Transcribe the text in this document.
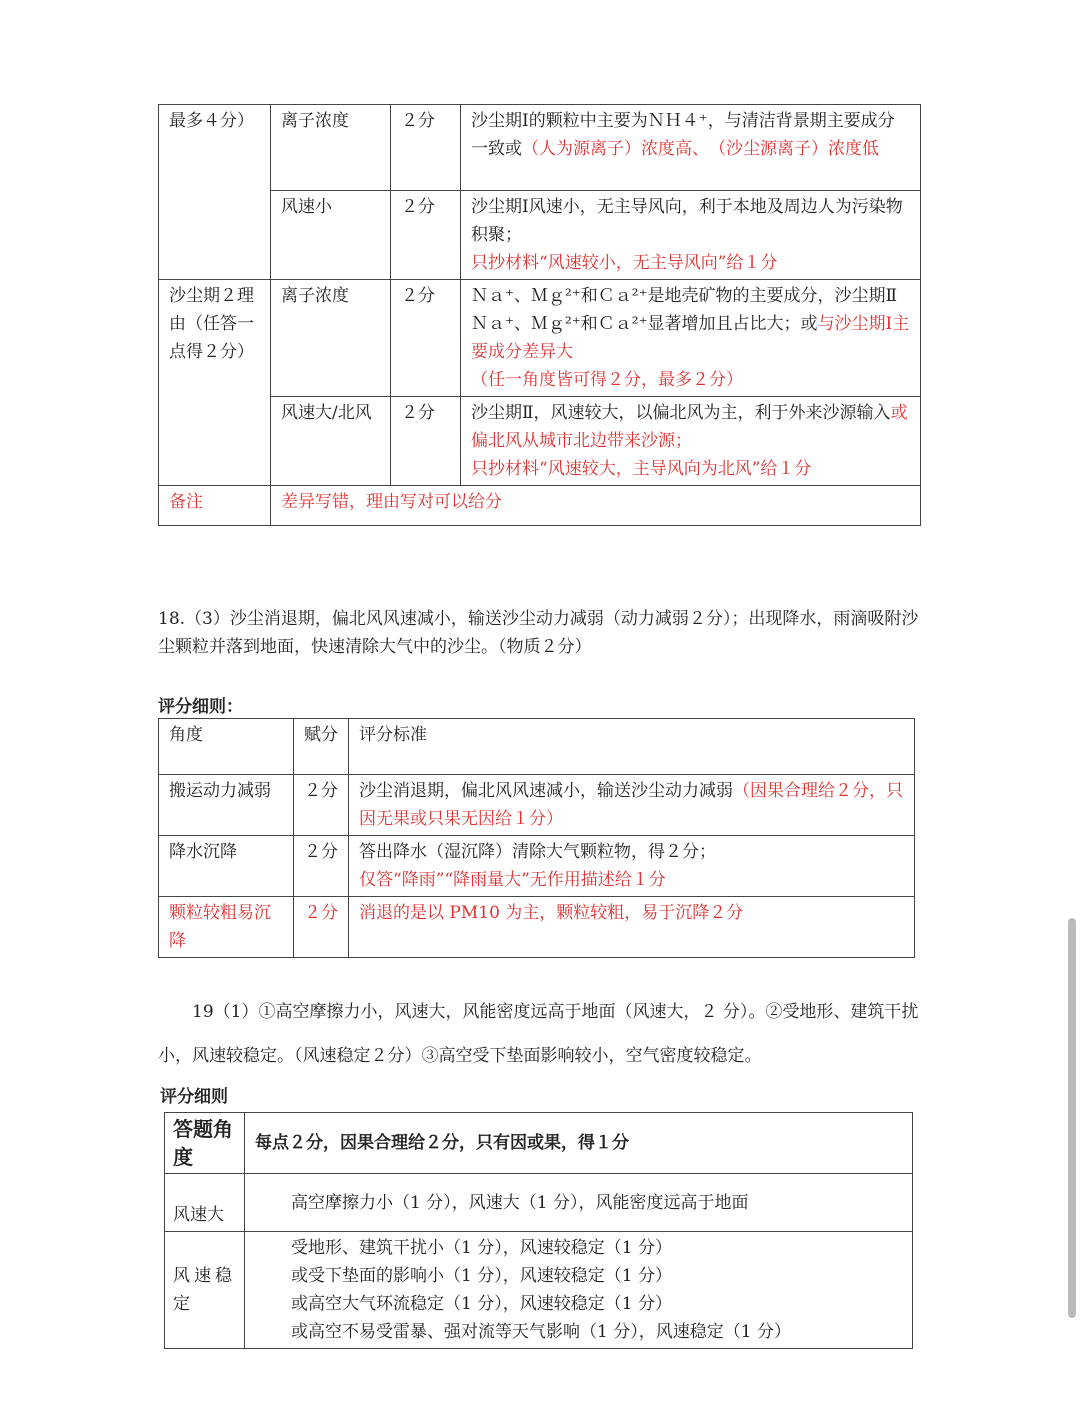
最多４分）	离子浓度	２分	沙尘期Ⅰ的颗粒中主要为ＮＨ４⁺，与清洁背景期主要成分一致或（人为源离子）浓度高、　（沙尘源离子）浓度低
	风速小	２分	沙尘期Ⅰ风速小，无主导风向，利于本地及周边人为污染物积聚；
只抄材料“风速较小，无主导风向”给１分
沙尘期２理由（任答一点得２分）	离子浓度	２分	Ｎａ⁺、Ｍｇ²⁺和Ｃａ²⁺是地壳矿物的主要成分，沙尘期ⅡＮａ⁺、Ｍｇ²⁺和Ｃａ²⁺显著增加且占比大；或与沙尘期Ⅰ主要成分差异大
（任一角度皆可得２分，最多２分）
	风速大/北风	２分	沙尘期Ⅱ，风速较大，以偏北风为主，利于外来沙源输入或偏北风从城市北边带来沙源；
只抄材料“风速较大，主导风向为北风”给１分
备注	差异写错，理由写对可以给分		

18.（3）沙尘消退期，偏北风风速减小，输送沙尘动力减弱（动力减弱２分）；出现降水，雨滴吸附沙尘颗粒并落到地面，快速清除大气中的沙尘。（物质２分）

评分细则：

角度	赋分	评分标准
搬运动力减弱	２分	沙尘消退期，偏北风风速减小，输送沙尘动力减弱（因果合理给２分，只因无果或只果无因给１分）
降水沉降	２分	答出降水（湿沉降）清除大气颗粒物，得２分；
仅答“降雨”“降雨量大”无作用描述给１分
颗粒较粗易沉降	２分	消退的是以 PM10 为主，颗粒较粗，易于沉降２分

19（1）①高空摩擦力小，风速大，风能密度远高于地面（风速大，２ 分）。②受地形、建筑干扰小，风速较稳定。（风速稳定２分）③高空受下垫面影响较小，空气密度较稳定。

评分细则

答题角度	每点２分，因果合理给２分，只有因或果，得１分
风速大	高空摩擦力小（1 分），风速大（1 分），风能密度远高于地面
风速稳定	受地形、建筑干扰小（1 分），风速较稳定（1 分）
或受下垫面的影响小（1 分），风速较稳定（1 分）
或高空大气环流稳定（1 分），风速较稳定（1 分）
或高空不易受雷暴、强对流等天气影响（1 分），风速稳定（1 分）
